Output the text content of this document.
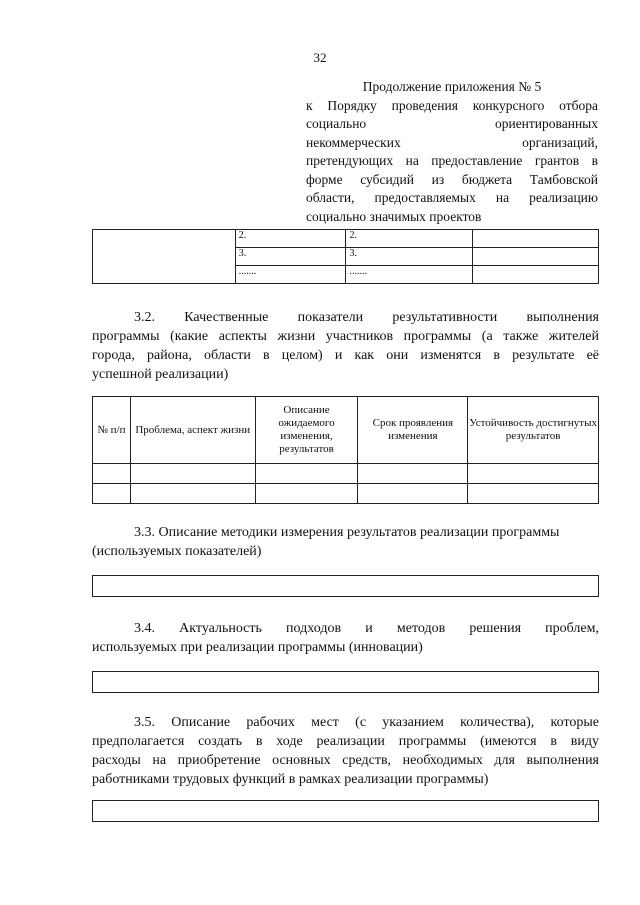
32
Продолжение приложения № 5
к Порядку проведения конкурсного отбора
социально ориентированных
некоммерческих организаций,
претендующих на предоставление грантов в
форме субсидий из бюджета Тамбовской
области, предоставляемых на реализацию
социально значимых проектов
	2.	2.	
	3.	3.	
	.......	.......	
3.2. Качественные показатели результативности выполнения
программы (какие аспекты жизни участников программы (а также жителей
города, района, области в целом) и как они изменятся в результате её
успешной реализации)
№ п/п	Проблема, аспект жизни	Описание ожидаемого изменения, результатов	Срок проявления изменения	Устойчивость достигнутых результатов

3.3. Описание методики измерения результатов реализации программы
(используемых показателей)
3.4. Актуальность подходов и методов решения проблем,
используемых при реализации программы (инновации)
3.5. Описание рабочих мест (с указанием количества), которые
предполагается создать в ходе реализации программы (имеются в виду
расходы на приобретение основных средств, необходимых для выполнения
работниками трудовых функций в рамках реализации программы)
